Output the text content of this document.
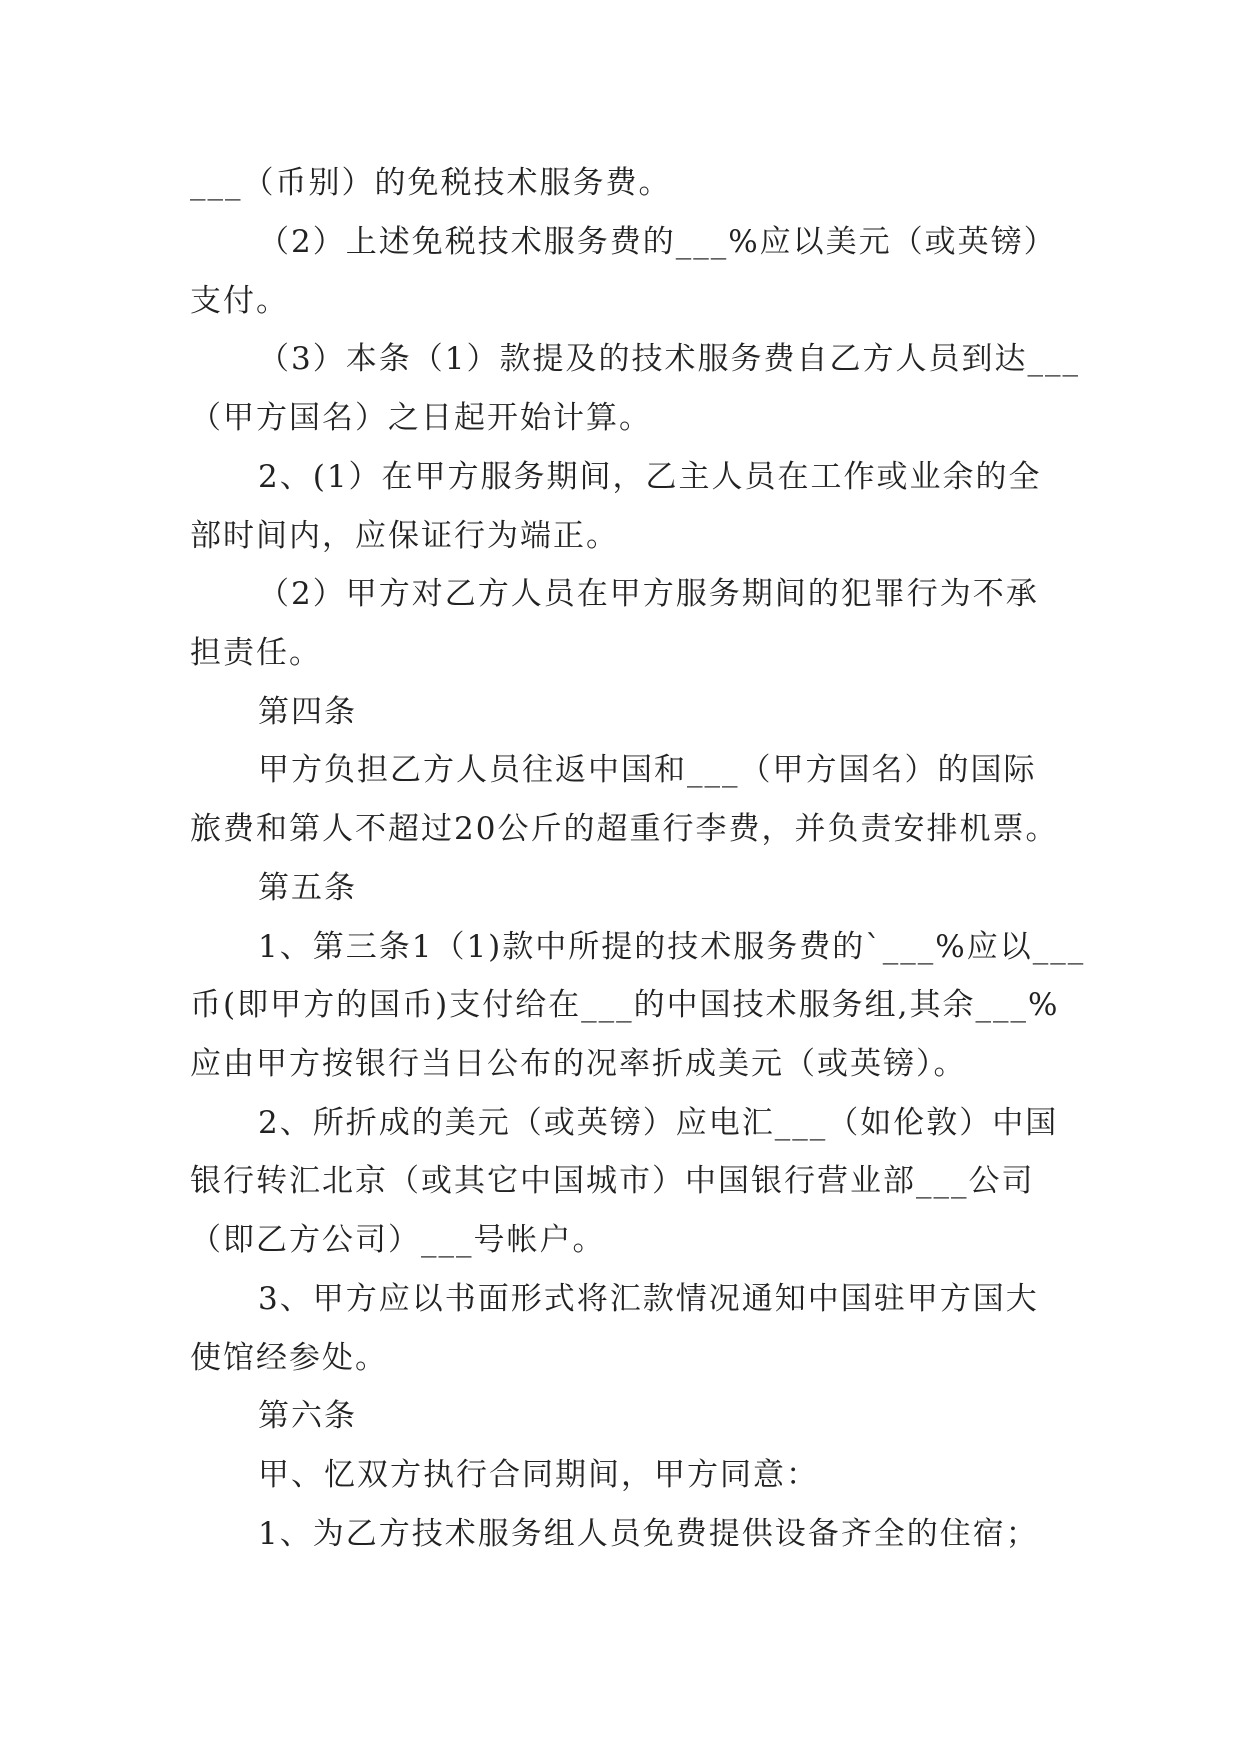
___（币别）的免税技术服务费。
（2）上述免税技术服务费的___%应以美元（或英镑）
支付。
（3）本条（1）款提及的技术服务费自乙方人员到达___
（甲方国名）之日起开始计算。
2、(1）在甲方服务期间，乙主人员在工作或业余的全
部时间内，应保证行为端正。
（2）甲方对乙方人员在甲方服务期间的犯罪行为不承
担责任。
第四条
甲方负担乙方人员往返中国和___（甲方国名）的国际
旅费和第人不超过20公斤的超重行李费，并负责安排机票。
第五条
1、第三条1（1)款中所提的技术服务费的`___%应以___
币(即甲方的国币)支付给在___的中国技术服务组,其余___%
应由甲方按银行当日公布的况率折成美元（或英镑）。
2、所折成的美元（或英镑）应电汇___（如伦敦）中国
银行转汇北京（或其它中国城市）中国银行营业部___公司
（即乙方公司）___号帐户。
3、甲方应以书面形式将汇款情况通知中国驻甲方国大
使馆经参处。
第六条
甲、忆双方执行合同期间，甲方同意：
1、为乙方技术服务组人员免费提供设备齐全的住宿；
